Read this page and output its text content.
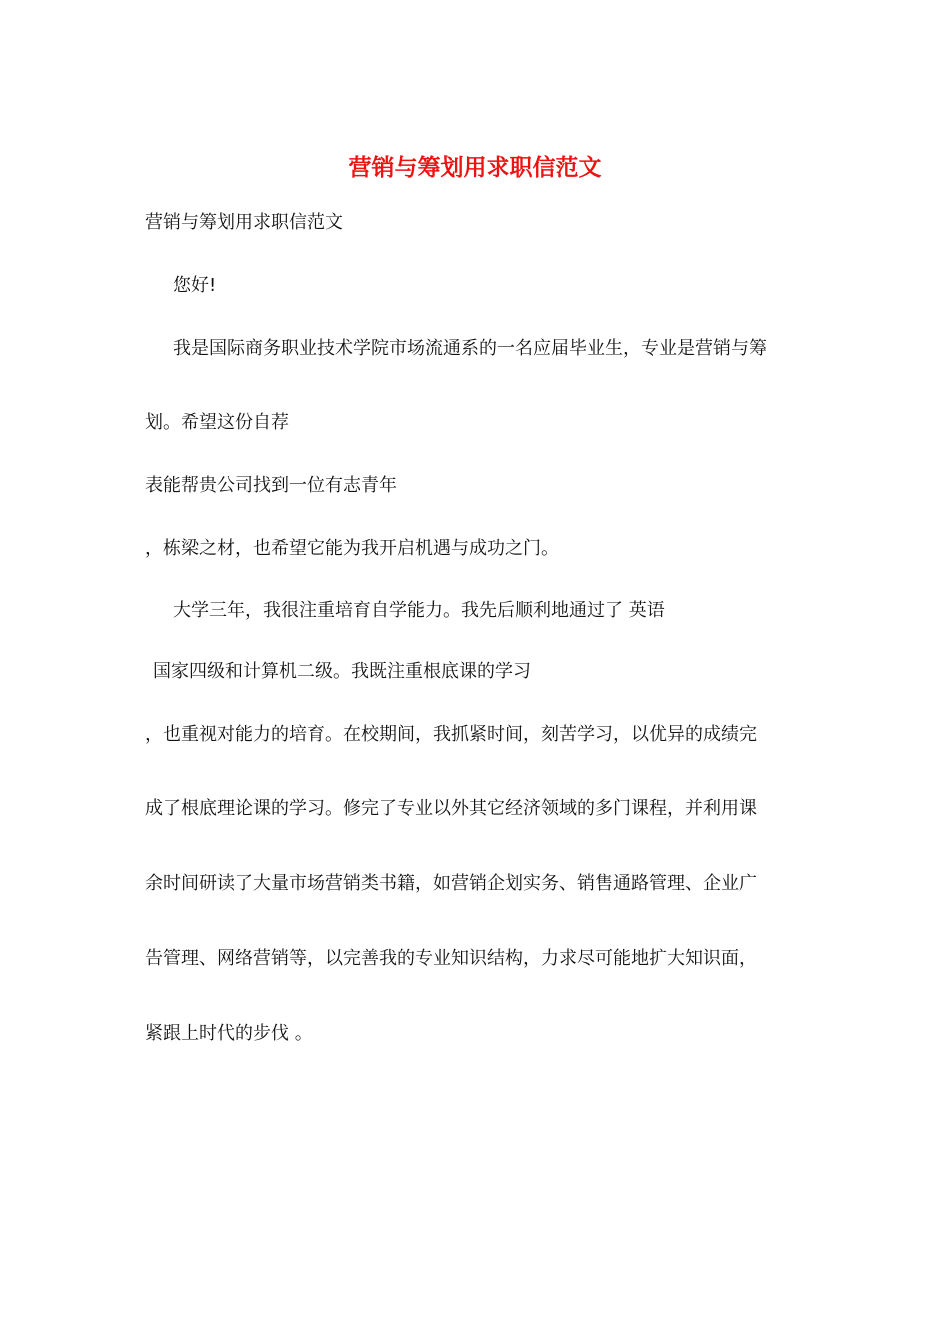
营销与筹划用求职信范文

营销与筹划用求职信范文

您好!

我是国际商务职业技术学院市场流通系的一名应届毕业生，专业是营销与筹

划。希望这份自荐

表能帮贵公司找到一位有志青年

，栋梁之材，也希望它能为我开启机遇与成功之门。

大学三年，我很注重培育自学能力。我先后顺利地通过了 英语

国家四级和计算机二级。我既注重根底课的学习

，也重视对能力的培育。在校期间，我抓紧时间，刻苦学习，以优异的成绩完

成了根底理论课的学习。修完了专业以外其它经济领域的多门课程，并利用课

余时间研读了大量市场营销类书籍，如营销企划实务、销售通路管理、企业广

告管理、网络营销等，以完善我的专业知识结构，力求尽可能地扩大知识面，

紧跟上时代的步伐 。
